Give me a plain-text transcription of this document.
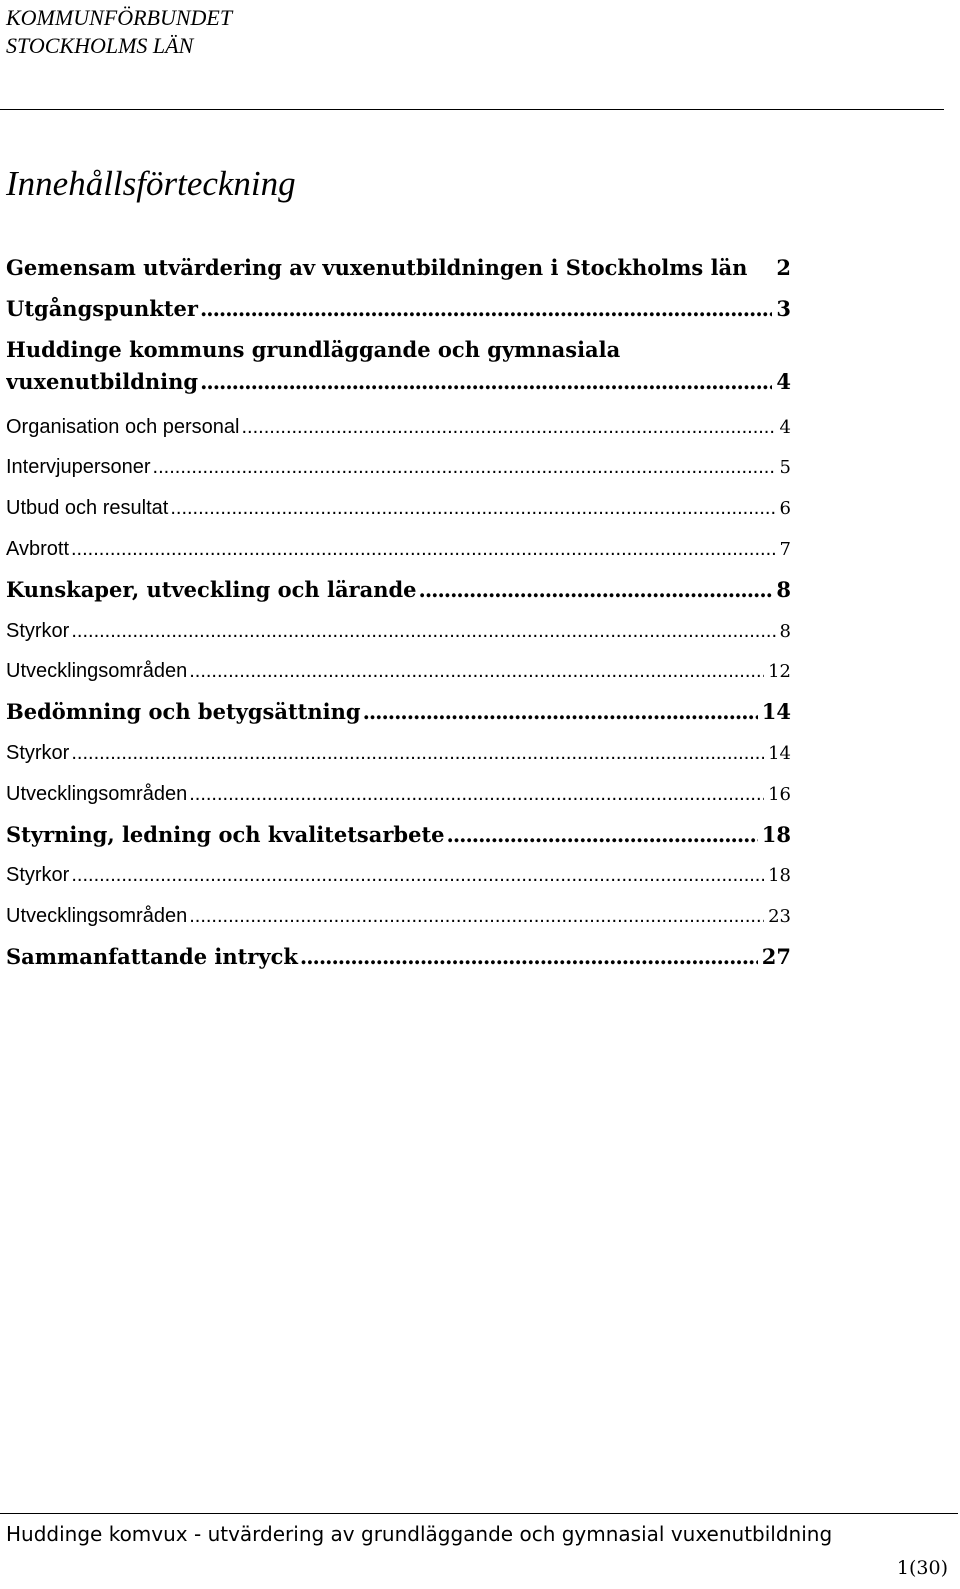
KOMMUNFÖRBUNDET
STOCKHOLMS LÄN
Innehållsförteckning
Gemensam utvärdering av vuxenutbildningen i Stockholms län 2
Utgångspunkter .....	3
Huddinge kommuns grundläggande och gymnasiala
vuxenutbildning .....	4
Organisation och personal .....	4
Intervjupersoner .....	5
Utbud och resultat .....	6
Avbrott .....	7
Kunskaper, utveckling och lärande .....	8
Styrkor .....	8
Utvecklingsområden .....	12
Bedömning och betygsättning .....	14
Styrkor .....	14
Utvecklingsområden .....	16
Styrning, ledning och kvalitetsarbete .....	18
Styrkor .....	18
Utvecklingsområden .....	23
Sammanfattande intryck .....	27
Huddinge komvux - utvärdering av grundläggande och gymnasial vuxenutbildning
1(30)
